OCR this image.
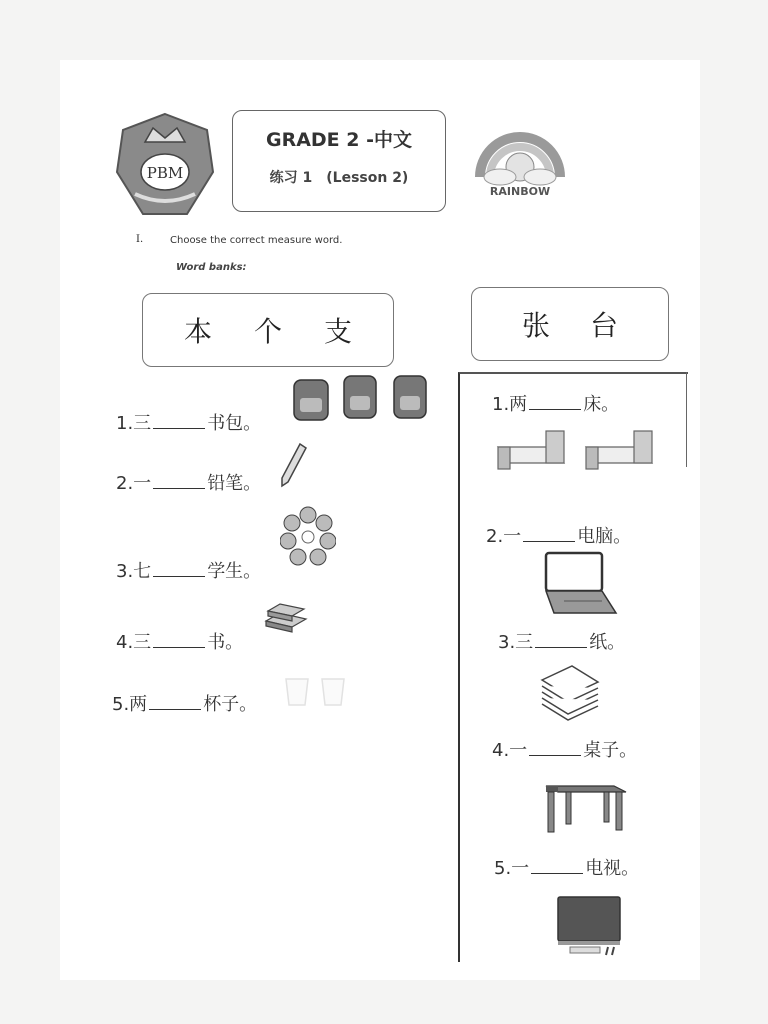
PBM
GRADE 2 -中文
练习 1　(Lesson 2)
RAINBOW
I.	Choose the correct measure word.
Word banks:
本 个 支	张 台
1.三	书包。
2.一	铅笔。
3.七	学生。
4.三	书。
5.两	杯子。
1.两	床。
2.一	电脑。
3.三	纸。
4.一	桌子。
5.一	电视。
